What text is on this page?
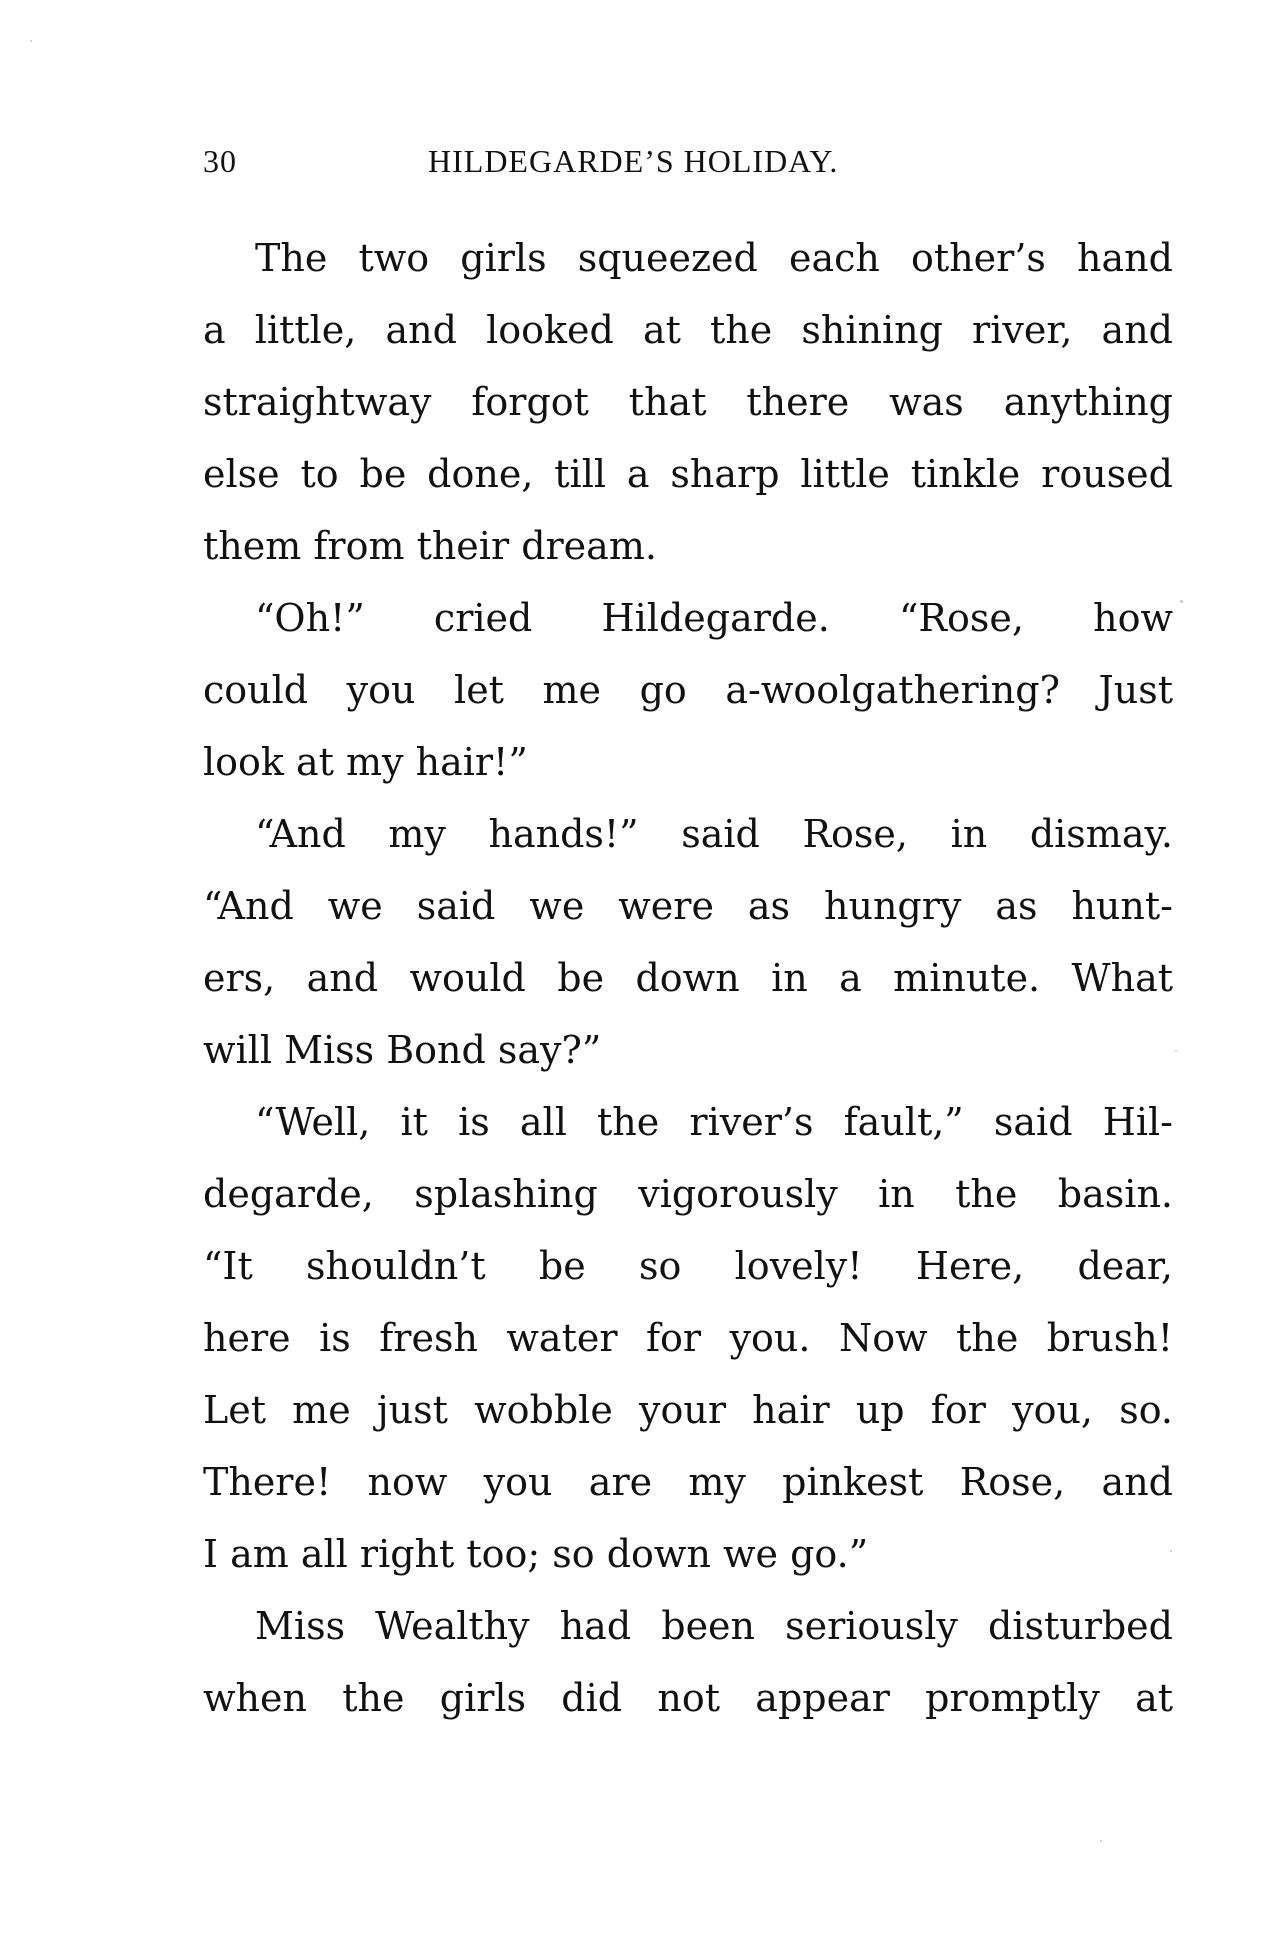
30	HILDEGARDE’S HOLIDAY.
The two girls squeezed each other’s hand
a little, and looked at the shining river, and
straightway forgot that there was anything
else to be done, till a sharp little tinkle roused
them from their dream.
“Oh!” cried Hildegarde. “Rose, how
could you let me go a-woolgathering? Just
look at my hair!”
“And my hands!” said Rose, in dismay.
“And we said we were as hungry as hunt-
ers, and would be down in a minute. What
will Miss Bond say?”
“Well, it is all the river’s fault,” said Hil-
degarde, splashing vigorously in the basin.
“It shouldn’t be so lovely! Here, dear,
here is fresh water for you. Now the brush!
Let me just wobble your hair up for you, so.
There! now you are my pinkest Rose, and
I am all right too; so down we go.”
Miss Wealthy had been seriously disturbed
when the girls did not appear promptly at
